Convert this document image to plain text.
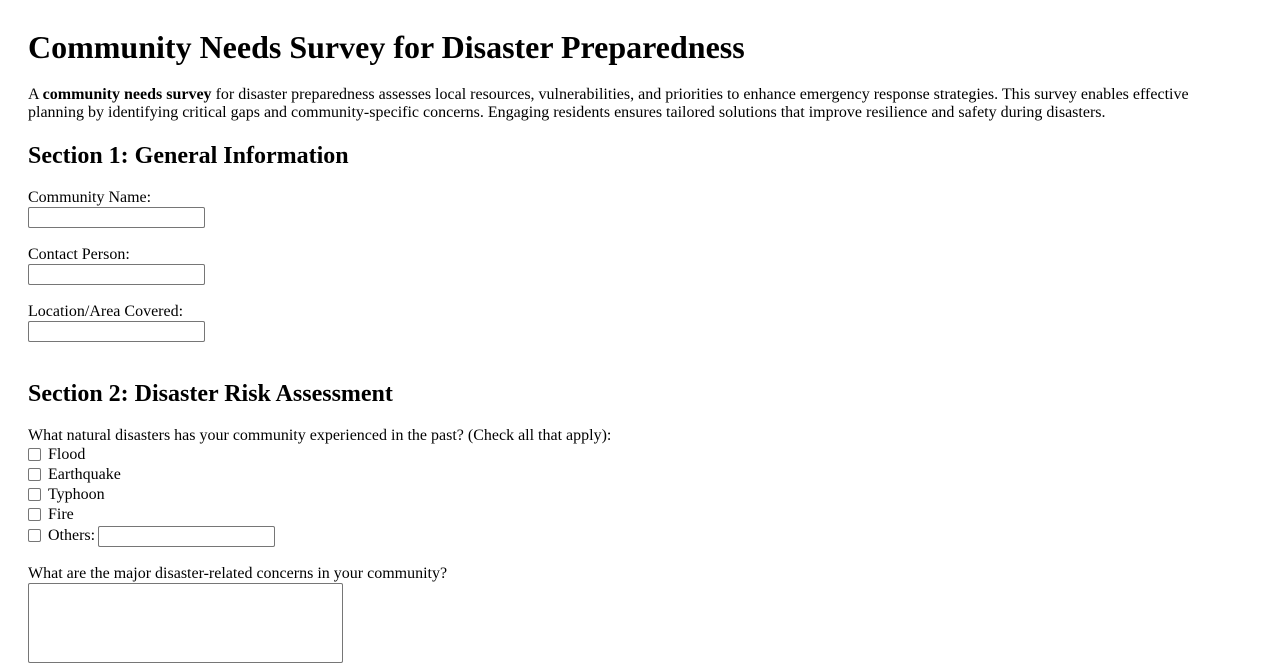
Community Needs Survey for Disaster Preparedness

A community needs survey for disaster preparedness assesses local resources, vulnerabilities, and priorities to enhance emergency response strategies. This survey enables effective planning by identifying critical gaps and community-specific concerns. Engaging residents ensures tailored solutions that improve resilience and safety during disasters.

Section 1: General Information
Community Name:
Contact Person:
Location/Area Covered:
Section 2: Disaster Risk Assessment
What natural disasters has your community experienced in the past? (Check all that apply):
Flood
Earthquake
Typhoon
Fire
Others:
What are the major disaster-related concerns in your community?
